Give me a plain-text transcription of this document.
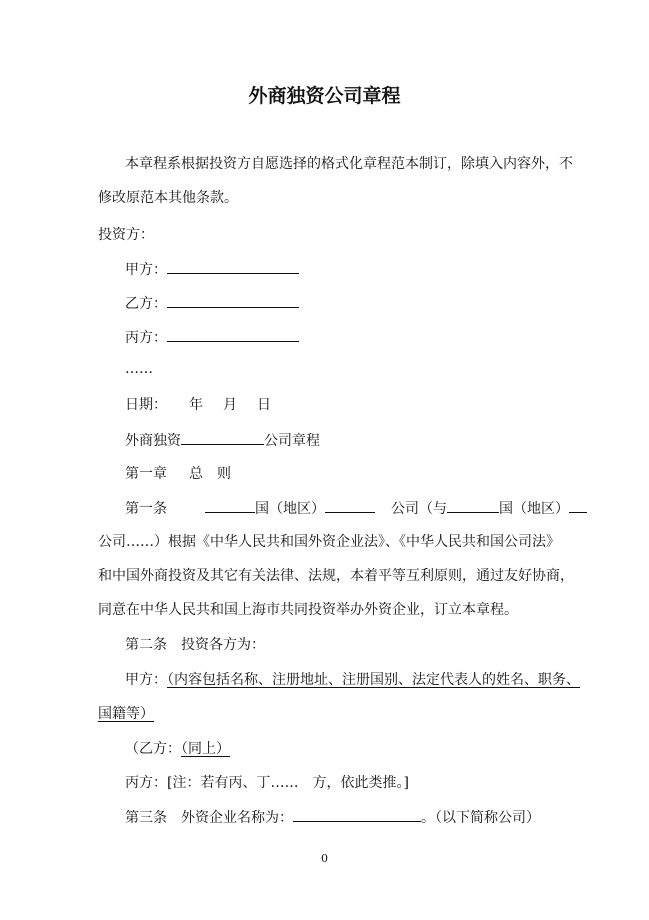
外商独资公司章程
本章程系根据投资方自愿选择的格式化章程范本制订，除填入内容外，不
修改原范本其他条款。
投资方：
甲方：
乙方：
丙方：
……
日期： 年 月 日
外商独资	公司章程
第一章 总　则
第一条	国（地区）	公司（与	国（地区）
公司……）根据《中华人民共和国外资企业法》、《中华人民共和国公司法》
和中国外商投资及其它有关法律、法规，本着平等互利原则，通过友好协商，
同意在中华人民共和国上海市共同投资举办外资企业，订立本章程。
第二条　投资各方为：
甲方：（内容包括名称、注册地址、注册国别、法定代表人的姓名、职务、
国籍等）
（乙方：（同上）
丙方：[注：若有丙、丁……　方，依此类推。]
第三条　外资企业名称为：	。（以下简称公司）
0
